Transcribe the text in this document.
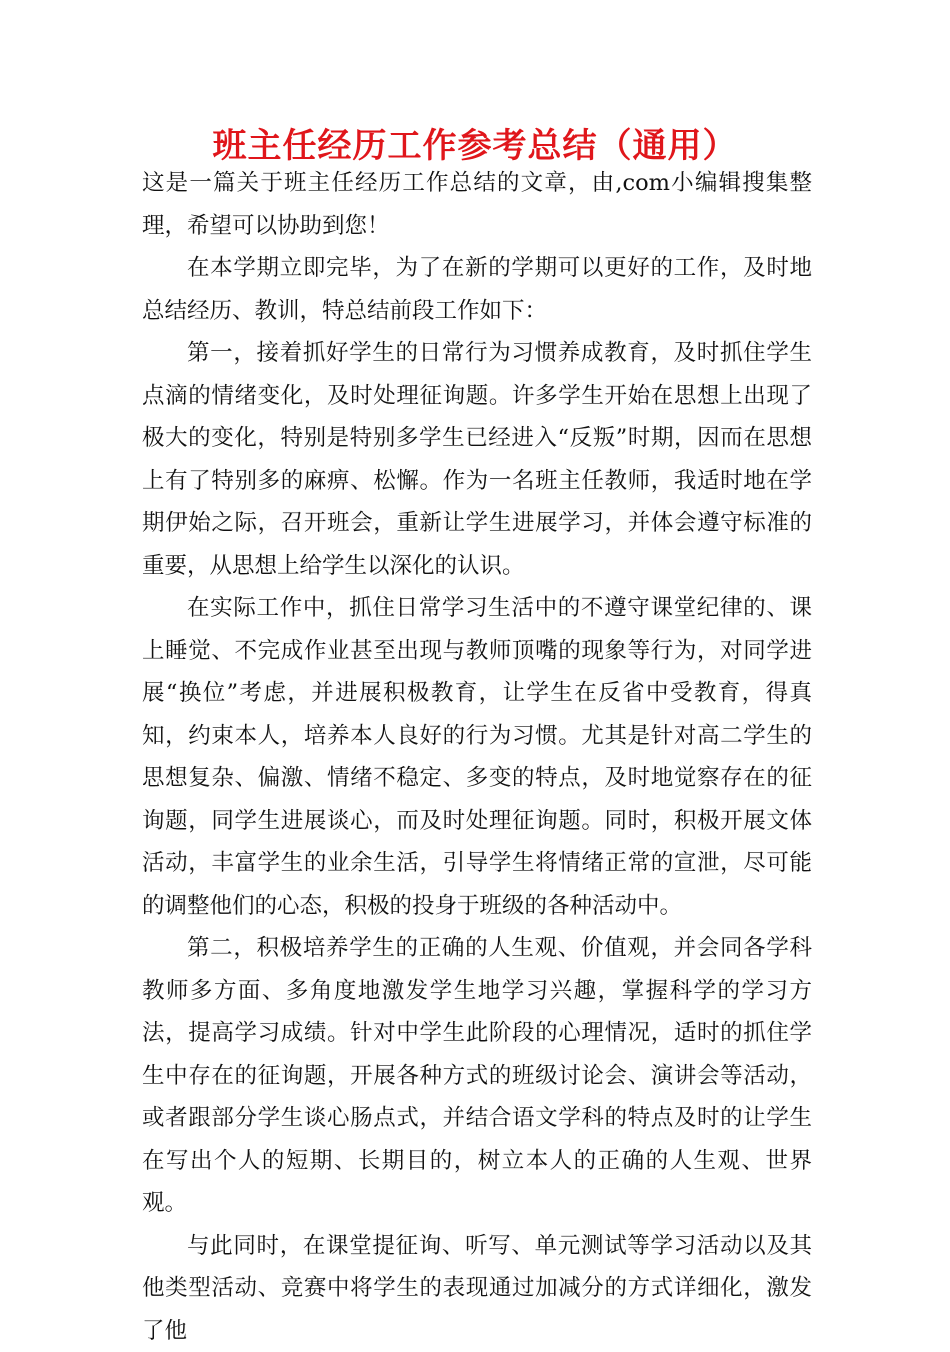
班主任经历工作参考总结（通用）

这是一篇关于班主任经历工作总结的文章，由,com小编辑搜集整理，希望可以协助到您！

在本学期立即完毕，为了在新的学期可以更好的工作，及时地总结经历、教训，特总结前段工作如下：

第一，接着抓好学生的日常行为习惯养成教育，及时抓住学生点滴的情绪变化，及时处理征询题。许多学生开始在思想上出现了极大的变化，特别是特别多学生已经进入“反叛”时期，因而在思想上有了特别多的麻痹、松懈。作为一名班主任教师，我适时地在学期伊始之际，召开班会，重新让学生进展学习，并体会遵守标准的重要，从思想上给学生以深化的认识。

在实际工作中，抓住日常学习生活中的不遵守课堂纪律的、课上睡觉、不完成作业甚至出现与教师顶嘴的现象等行为，对同学进展“换位”考虑，并进展积极教育，让学生在反省中受教育，得真知，约束本人，培养本人良好的行为习惯。尤其是针对高二学生的思想复杂、偏激、情绪不稳定、多变的特点，及时地觉察存在的征询题，同学生进展谈心，而及时处理征询题。同时，积极开展文体活动，丰富学生的业余生活，引导学生将情绪正常的宣泄，尽可能的调整他们的心态，积极的投身于班级的各种活动中。

第二，积极培养学生的正确的人生观、价值观，并会同各学科教师多方面、多角度地激发学生地学习兴趣，掌握科学的学习方法，提高学习成绩。针对中学生此阶段的心理情况，适时的抓住学生中存在的征询题，开展各种方式的班级讨论会、演讲会等活动，或者跟部分学生谈心肠点式，并结合语文学科的特点及时的让学生在写出个人的短期、长期目的，树立本人的正确的人生观、世界观。

与此同时，在课堂提征询、听写、单元测试等学习活动以及其他类型活动、竞赛中将学生的表现通过加减分的方式详细化，激发了他
